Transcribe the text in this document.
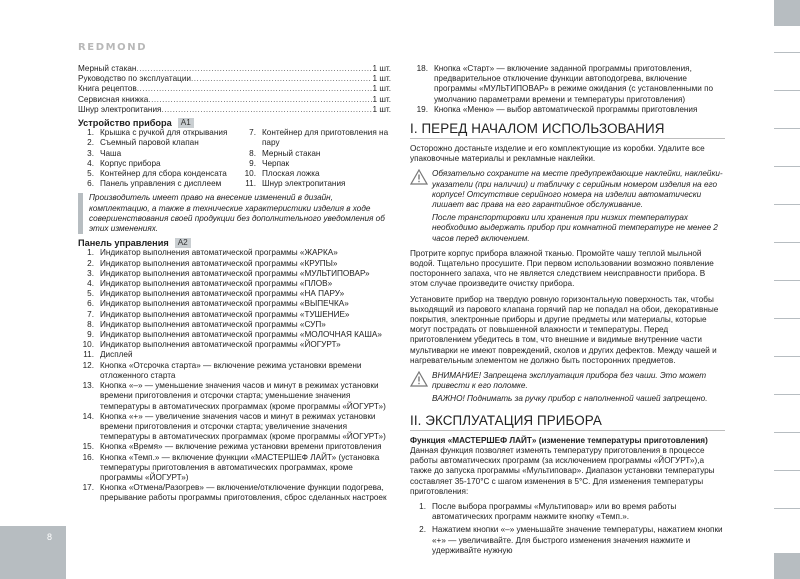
REDMOND
8
Мерный стакан .....	1 шт.
Руководство по эксплуатации .....	1 шт.
Книга рецептов .....	1 шт.
Сервисная книжка .....	1 шт.
Шнур электропитания .....	1 шт.
Устройство прибора	A1
1. Крышка с ручкой для открывания
2. Съемный паровой клапан
3. Чаша
4. Корпус прибора
5. Контейнер для сбора конденсата
6. Панель управления с дисплеем
7. Контейнер для приготовления на пару
8. Мерный стакан
9. Черпак
10. Плоская ложка
11. Шнур электропитания
Производитель имеет право на внесение изменений в дизайн, комплектацию, а также в технические характеристики изделия в ходе совершенствования своей продукции без дополнительного уведомления об этих изменениях.
Панель управления	A2
1. Индикатор выполнения автоматической программы «ЖАРКА»
2. Индикатор выполнения автоматической программы «КРУПЫ»
3. Индикатор выполнения автоматической программы «МУЛЬТИПОВАР»
4. Индикатор выполнения автоматической программы «ПЛОВ»
5. Индикатор выполнения автоматической программы «НА ПАРУ»
6. Индикатор выполнения автоматической программы «ВЫПЕЧКА»
7. Индикатор выполнения автоматической программы «ТУШЕНИЕ»
8. Индикатор выполнения автоматической программы «СУП»
9. Индикатор выполнения автоматической программы «МОЛОЧНАЯ КАША»
10. Индикатор выполнения автоматической программы «ЙОГУРТ»
11. Дисплей
12. Кнопка «Отсрочка старта» — включение режима установки времени отложенного старта
13. Кнопка «–» — уменьшение значения часов и минут в режимах установки времени приготовления и отсрочки старта; уменьшение значения температуры в автоматических программах (кроме программы «ЙОГУРТ»)
14. Кнопка «+» — увеличение значения часов и минут в режимах установки времени приготовления и отсрочки старта; увеличение значения температуры в автоматических программах (кроме программы «ЙОГУРТ»)
15. Кнопка «Время» — включение режима установки времени приготовления
16. Кнопка «Темп.» — включение функции «МАСТЕРШЕФ ЛАЙТ» (установка температуры приготовления в автоматических программах, кроме программы «ЙОГУРТ»)
17. Кнопка «Отмена/Разогрев» — включение/отключение функции подогрева, прерывание работы программы приготовления, сброс сделанных настроек
18. Кнопка «Старт» — включение заданной программы приготовления, предварительное отключение функции автоподогрева, включение программы «МУЛЬТИПОВАР» в режиме ожидания (с установленными по умолчанию параметрами времени и температуры приготовления)
19. Кнопка «Меню» — выбор автоматической программы приготовления
I. ПЕРЕД НАЧАЛОМ ИСПОЛЬЗОВАНИЯ

Осторожно достаньте изделие и его комплектующие из коробки. Удалите все упаковочные материалы и рекламные наклейки.

Обязательно сохраните на месте предупреждающие наклейки, наклейки-указатели (при наличии) и табличку с серийным номером изделия на его корпусе! Отсутствие серийного номера на изделии автоматически лишает вас права на его гарантийное обслуживание.

После транспортировки или хранения при низких температурах необходимо выдержать прибор при комнатной температуре не менее 2 часов перед включением.

Протрите корпус прибора влажной тканью. Промойте чашу теплой мыльной водой. Тщательно просушите. При первом использовании возможно появление постороннего запаха, что не является следствием неисправности прибора. В этом случае произведите очистку прибора.

Установите прибор на твердую ровную горизонтальную поверхность так, чтобы выходящий из парового клапана горячий пар не попадал на обои, декоративные покрытия, электронные приборы и другие предметы или материалы, которые могут пострадать от повышенной влажности и температуры. Перед приготовлением убедитесь в том, что внешние и видимые внутренние части мультиварки не имеют повреждений, сколов и других дефектов. Между чашей и нагревательным элементом не должно быть посторонних предметов.

ВНИМАНИЕ! Запрещена эксплуатация прибора без чаши. Это может привести к его поломке.

ВАЖНО! Поднимать за ручку прибор с наполненной чашей запрещено.

II. ЭКСПЛУАТАЦИЯ ПРИБОРА

Функция «МАСТЕРШЕФ ЛАЙТ» (изменение температуры приготовления)

Данная функция позволяет изменять температуру приготовления в процессе работы автоматических программ (за исключением программы «ЙОГУРТ»),а также до запуска программы «Мультиповар». Диапазон установки температуры составляет 35-170°С с шагом изменения в 5°С. Для изменения температуры приготовления:

1. После выбора программы «Мультиповар» или во время работы автоматических программ нажмите кнопку «Темп.».
2. Нажатием кнопки «–» уменьшайте значение температуры, нажатием кнопки «+» — увеличивайте. Для быстрого изменения значения нажмите и удерживайте нужную
